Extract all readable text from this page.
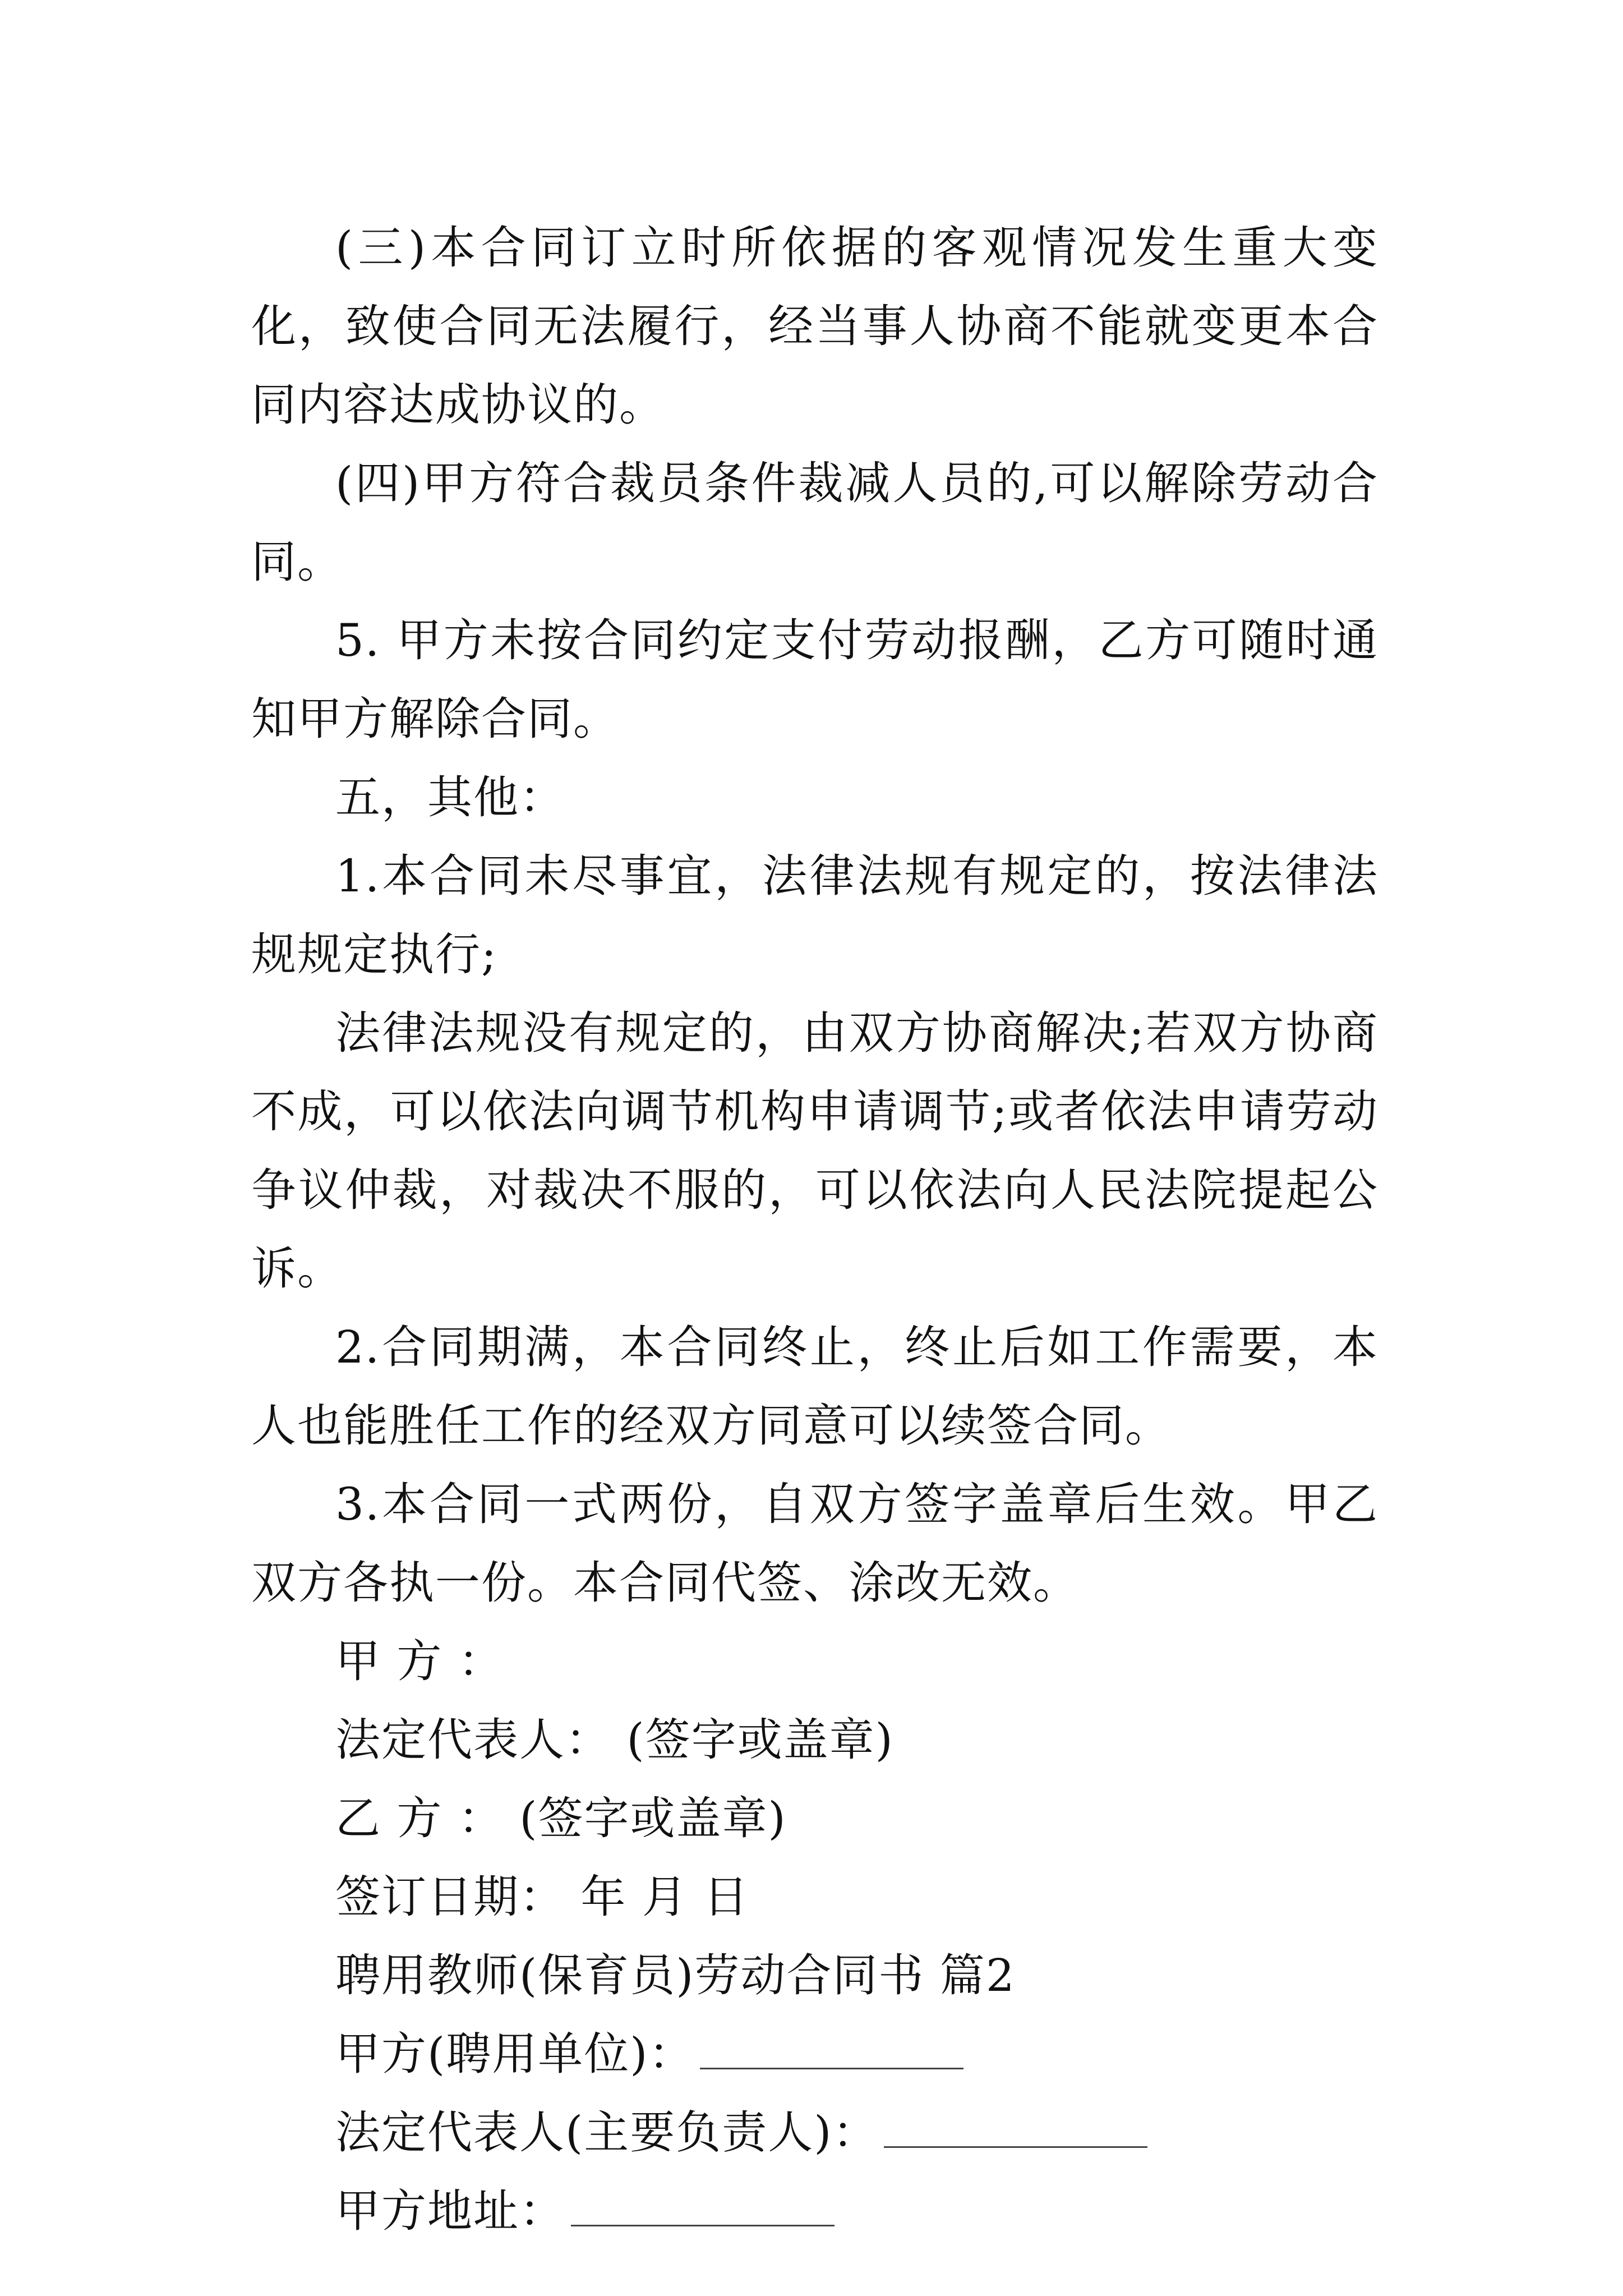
(三)本合同订立时所依据的客观情况发生重大变化，致使合同无法履行，经当事人协商不能就变更本合同内容达成协议的。

(四)甲方符合裁员条件裁减人员的,可以解除劳动合同。

5. 甲方未按合同约定支付劳动报酬，乙方可随时通知甲方解除合同。

五，其他：

1.本合同未尽事宜，法律法规有规定的，按法律法规规定执行;

法律法规没有规定的，由双方协商解决;若双方协商不成，可以依法向调节机构申请调节;或者依法申请劳动争议仲裁，对裁决不服的，可以依法向人民法院提起公诉。

2.合同期满，本合同终止，终止后如工作需要，本人也能胜任工作的经双方同意可以续签合同。

3.本合同一式两份，自双方签字盖章后生效。甲乙双方各执一份。本合同代签、涂改无效。

甲 方 ：

法定代表人： (签字或盖章)

乙 方 ： (签字或盖章)

签订日期： 年 月 日

聘用教师(保育员)劳动合同书 篇2

甲方(聘用单位)：

法定代表人(主要负责人)：

甲方地址：
